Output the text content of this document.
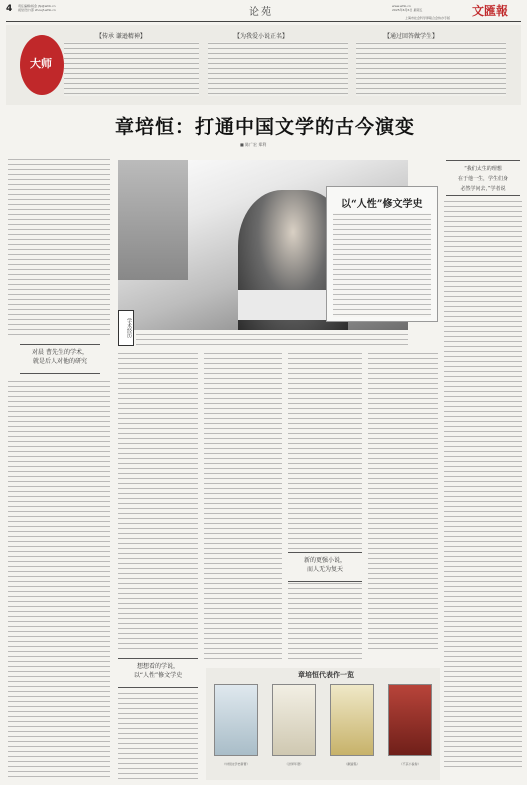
4 责任编辑/杨金 jfp@whb.cn
视觉设计/邵 zhoujf-whb.cn	论苑
www.whb.cn
2025年6月6日 星期五	文匯報
上海市社会科学界联合会协办专版
大师
【传承 谦逊精神】	【为我爱小说正名】	【通过回答做学生】
章培恒：打通中国文学的古今演变
■ 陈广宏 郑利
对晨 曹先生的学术，
就是后人对他的研究
学术经历
以“人性”修文学史
“我们太生的理想
在于他一生，学生们身
必然学问去，”学者说
想想看的学说，
以“人性”修文学史
新的更强小说，
而人无为复天
章培恒代表作一览
《中国文学史新著》	《洪昇年谱》	《献疑集》	《不京小说卷》
